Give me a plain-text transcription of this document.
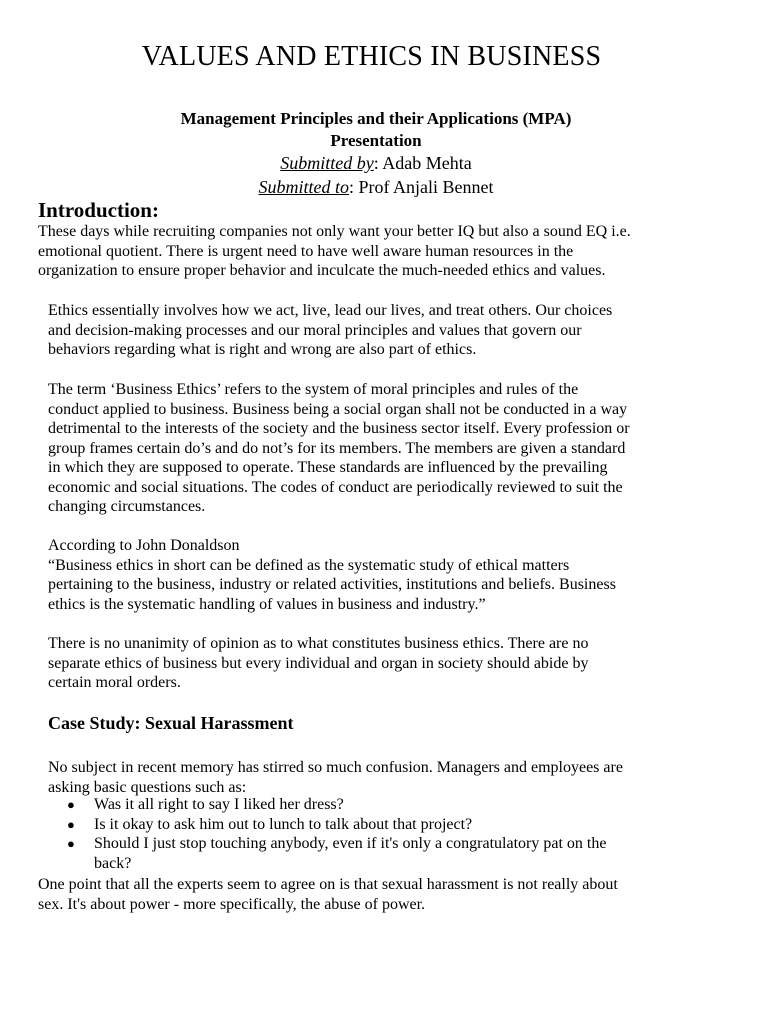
VALUES AND ETHICS IN BUSINESS
Management Principles and their Applications (MPA)
Presentation
Submitted by: Adab Mehta
Submitted to: Prof Anjali Bennet
Introduction:
These days while recruiting companies not only want your better IQ but also a sound EQ i.e.
emotional quotient. There is urgent need to have well aware human resources in the
organization to ensure proper behavior and inculcate the much-needed ethics and values.
Ethics essentially involves how we act, live, lead our lives, and treat others. Our choices
and decision-making processes and our moral principles and values that govern our
behaviors regarding what is right and wrong are also part of ethics.
The term ‘Business Ethics’ refers to the system of moral principles and rules of the
conduct applied to business. Business being a social organ shall not be conducted in a way
detrimental to the interests of the society and the business sector itself. Every profession or
group frames certain do’s and do not’s for its members. The members are given a standard
in which they are supposed to operate. These standards are influenced by the prevailing
economic and social situations. The codes of conduct are periodically reviewed to suit the
changing circumstances.
According to John Donaldson
“Business ethics in short can be defined as the systematic study of ethical matters
pertaining to the business, industry or related activities, institutions and beliefs. Business
ethics is the systematic handling of values in business and industry.”
There is no unanimity of opinion as to what constitutes business ethics. There are no
separate ethics of business but every individual and organ in society should abide by
certain moral orders.
Case Study: Sexual Harassment
No subject in recent memory has stirred so much confusion. Managers and employees are
asking basic questions such as:
● Was it all right to say I liked her dress?
● Is it okay to ask him out to lunch to talk about that project?
● Should I just stop touching anybody, even if it's only a congratulatory pat on the
back?
One point that all the experts seem to agree on is that sexual harassment is not really about
sex. It's about power - more specifically, the abuse of power.
